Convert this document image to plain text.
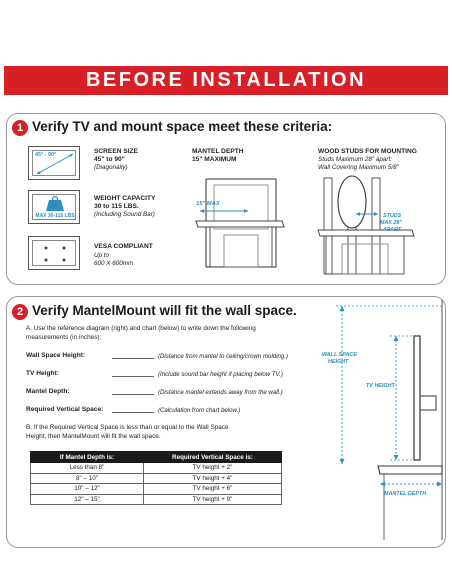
BEFORE INSTALLATION
1 Verify TV and mount space meet these criteria:
45° - 90°	SCREEN SIZE
45" to 90"
(Diagonally)
MAX 30-115 LBS
WEIGHT CAPACITY
30 to 115 LBS.
(Including Sound Bar)
VESA COMPLIANT
Up to
600 X 600mm
MANTEL DEPTH
15" MAXIMUM
15" MAX
WOOD STUDS FOR MOUNTING
Studs Maximum 28" apart;
Wall Covering Maximum 5/8"
STUDS
MAX 28"
APART
2 Verify MantelMount will fit the wall space.
A. Use the reference diagram (right) and chart (below) to write down the following
measurements (in inches):
Wall Space Height:	(Distance from mantel to ceiling/crown molding.)
TV Height:	(Include sound bar height if placing below TV.)
Mantel Depth:	(Distance mantel extends away from the wall.)
Required Vertical Space:	(Calculation from chart below.)
B. If the Required Vertical Space is less than or equal to the Wall Space
Height, then MantelMount will fit the wall space.
If Mantel Depth is:	Required Vertical Space is:
Less than 8"	TV height + 2"
8" – 10"	TV height + 4"
10" – 12"	TV height + 6"
12" – 15"	TV height + 9"
WALL SPACE
HEIGHT
TV HEIGHT
MANTEL DEPTH
